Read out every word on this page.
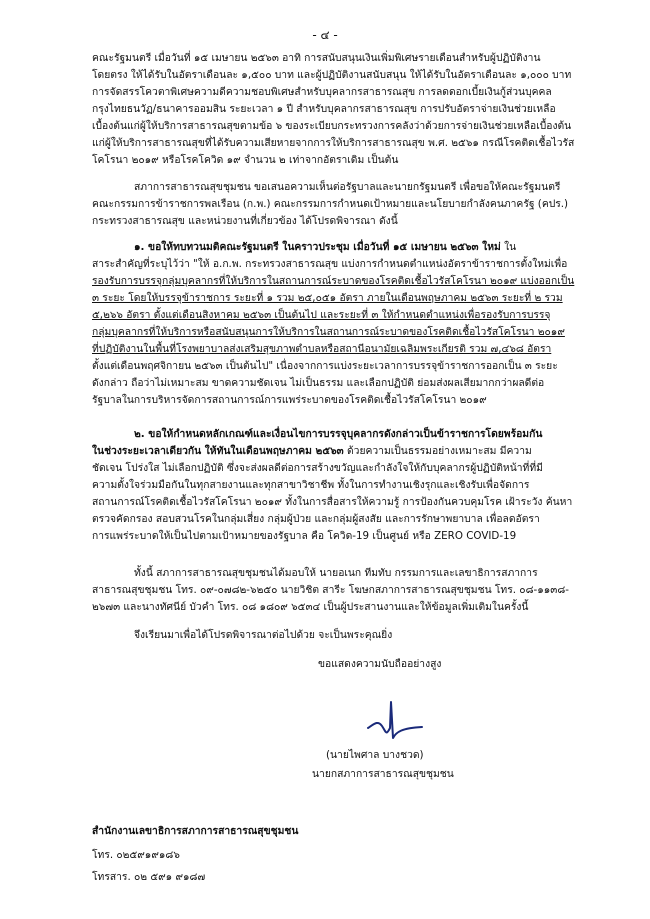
- ๔ -
คณะรัฐมนตรี เมื่อวันที่ ๑๕ เมษายน ๒๕๖๓ อาทิ การสนับสนุนเงินเพิ่มพิเศษรายเดือนสำหรับผู้ปฏิบัติงาน
โดยตรง ให้ได้รับในอัตราเดือนละ ๑,๕๐๐ บาท และผู้ปฏิบัติงานสนับสนุน ให้ได้รับในอัตราเดือนละ ๑,๐๐๐ บาท
การจัดสรรโควตาพิเศษความดีความชอบพิเศษสำหรับบุคลากรสาธารณสุข การลดดอกเบี้ยเงินกู้ส่วนบุคคล
กรุงไทยธนวัฏ/ธนาคารออมสิน ระยะเวลา ๑ ปี สำหรับบุคลากรสาธารณสุข การปรับอัตราจ่ายเงินช่วยเหลือ
เบื้องต้นแก่ผู้ให้บริการสาธารณสุขตามข้อ ๖ ของระเบียบกระทรวงการคลังว่าด้วยการจ่ายเงินช่วยเหลือเบื้องต้น
แก่ผู้ให้บริการสาธารณสุขที่ได้รับความเสียหายจากการให้บริการสาธารณสุข พ.ศ. ๒๕๖๑ กรณีโรคติดเชื้อไวรัส
โคโรนา ๒๐๑๙ หรือโรคโควิด ๑๙ จำนวน ๒ เท่าจากอัตราเดิม เป็นต้น
สภาการสาธารณสุขชุมชน ขอเสนอความเห็นต่อรัฐบาลและนายกรัฐมนตรี เพื่อขอให้คณะรัฐมนตรี
คณะกรรมการข้าราชการพลเรือน (ก.พ.) คณะกรรมการกำหนดเป้าหมายและนโยบายกำลังคนภาครัฐ (คปร.)
กระทรวงสาธารณสุข และหน่วยงานที่เกี่ยวข้อง ได้โปรดพิจารณา ดังนี้
๑. ขอให้ทบทวนมติคณะรัฐมนตรี ในคราวประชุม เมื่อวันที่ ๑๕ เมษายน ๒๕๖๓ ใหม่ ใน
สาระสำคัญที่ระบุไว้ว่า "ให้ อ.ก.พ. กระทรวงสาธารณสุข แบ่งการกำหนดตำแหน่งอัตราข้าราชการตั้งใหม่เพื่อ
รองรับการบรรจุกลุ่มบุคลากรที่ให้บริการในสถานการณ์ระบาดของโรคติดเชื้อไวรัสโคโรนา ๒๐๑๙ แบ่งออกเป็น
๓ ระยะ โดยให้บรรจุข้าราชการ ระยะที่ ๑ รวม ๒๕,๐๕๑ อัตรา ภายในเดือนพฤษภาคม ๒๕๖๓ ระยะที่ ๒ รวม
๕,๒๖๖ อัตรา ตั้งแต่เดือนสิงหาคม ๒๕๖๓ เป็นต้นไป และระยะที่ ๓ ให้กำหนดตำแหน่งเพื่อรองรับการบรรจุ
กลุ่มบุคลากรที่ให้บริการหรือสนับสนุนการให้บริการในสถานการณ์ระบาดของโรคติดเชื้อไวรัสโคโรนา ๒๐๑๙
ที่ปฏิบัติงานในพื้นที่โรงพยาบาลส่งเสริมสุขภาพตำบลหรือสถานีอนามัยเฉลิมพระเกียรติ รวม ๗,๔๖๘ อัตรา
ตั้งแต่เดือนพฤศจิกายน ๒๕๖๓ เป็นต้นไป" เนื่องจากการแบ่งระยะเวลาการบรรจุข้าราชการออกเป็น ๓ ระยะ
ดังกล่าว ถือว่าไม่เหมาะสม ขาดความชัดเจน ไม่เป็นธรรม และเลือกปฏิบัติ ย่อมส่งผลเสียมากกว่าผลดีต่อ
รัฐบาลในการบริหารจัดการสถานการณ์การแพร่ระบาดของโรคติดเชื้อไวรัสโคโรนา ๒๐๑๙
๒. ขอให้กำหนดหลักเกณฑ์และเงื่อนไขการบรรจุบุคลากรดังกล่าวเป็นข้าราชการโดยพร้อมกัน
ในช่วงระยะเวลาเดียวกัน ให้ทันในเดือนพฤษภาคม ๒๕๖๓ ด้วยความเป็นธรรมอย่างเหมาะสม มีความ
ชัดเจน โปร่งใส ไม่เลือกปฏิบัติ ซึ่งจะส่งผลดีต่อการสร้างขวัญและกำลังใจให้กับบุคลากรผู้ปฏิบัติหน้าที่ที่มี
ความตั้งใจร่วมมือกันในทุกสายงานและทุกสาขาวิชาชีพ ทั้งในการทำงานเชิงรุกและเชิงรับเพื่อจัดการ
สถานการณ์โรคติดเชื้อไวรัสโคโรนา ๒๐๑๙ ทั้งในการสื่อสารให้ความรู้ การป้องกันควบคุมโรค เฝ้าระวัง ค้นหา
ตรวจคัดกรอง สอบสวนโรคในกลุ่มเสี่ยง กลุ่มผู้ป่วย และกลุ่มผู้สงสัย และการรักษาพยาบาล เพื่อลดอัตรา
การแพร่ระบาดให้เป็นไปตามเป้าหมายของรัฐบาล คือ โควิด-19 เป็นศูนย์ หรือ ZERO COVID-19
ทั้งนี้ สภาการสาธารณสุขชุมชนได้มอบให้ นายอเนก ทีมทับ กรรมการและเลขาธิการสภาการ
สาธารณสุขชุมชน โทร. ๐๙-๐๗๘๒-๖๒๕๐ นายวิชิต สารีะ โฆษกสภาการสาธารณสุขชุมชน โทร. ๐๘-๑๑๓๘-
๒๖๗๓ และนางทัศนีย์ บัวคำ โทร. ๐๘ ๑๘๐๙ ๖๕๓๔ เป็นผู้ประสานงานและให้ข้อมูลเพิ่มเติมในครั้งนี้
จึงเรียนมาเพื่อได้โปรดพิจารณาต่อไปด้วย จะเป็นพระคุณยิ่ง
ขอแสดงความนับถืออย่างสูง
(นายไพศาล บางชวด)
นายกสภาการสาธารณสุขชุมชน
สำนักงานเลขาธิการสภาการสาธารณสุขชุมชน
โทร. ๐๒๕๙๑๙๑๘๖
โทรสาร. ๐๒ ๕๙๑ ๙๑๘๗
